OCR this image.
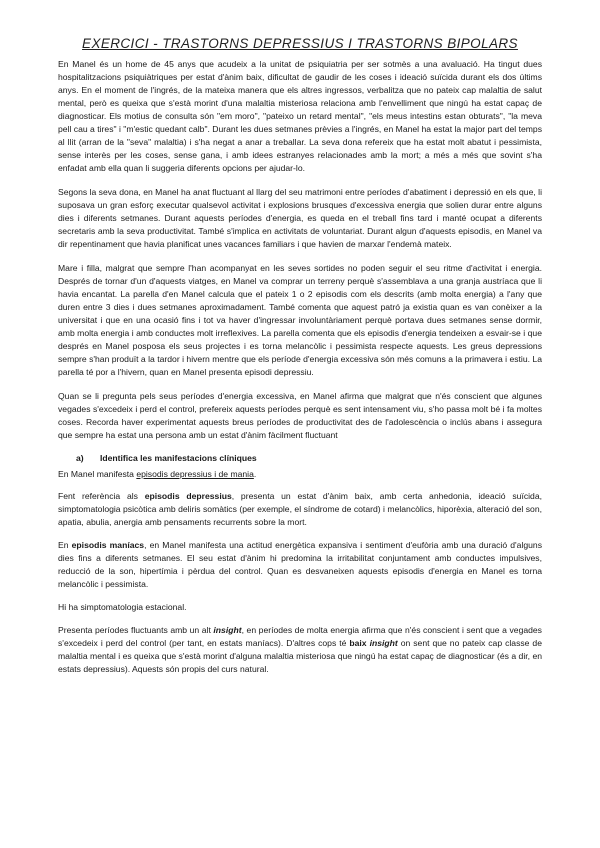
EXERCICI - TRASTORNS DEPRESSIUS I TRASTORNS BIPOLARS

En Manel és un home de 45 anys que acudeix a la unitat de psiquiatria per ser sotmès a una avaluació. Ha tingut dues hospitalitzacions psiquiàtriques per estat d'ànim baix, dificultat de gaudir de les coses i ideació suïcida durant els dos últims anys. En el moment de l'ingrés, de la mateixa manera que els altres ingressos, verbalitza que no pateix cap malaltia de salut mental, però es queixa que s'està morint d'una malaltia misteriosa relaciona amb l'envelliment que ningú ha estat capaç de diagnosticar. Els motius de consulta són "em moro", "pateixo un retard mental", "els meus intestins estan obturats", "la meva pell cau a tires" i "m'estic quedant calb". Durant les dues setmanes prèvies a l'ingrés, en Manel ha estat la major part del temps al llit (arran de la "seva" malaltia) i s'ha negat a anar a treballar. La seva dona refereix que ha estat molt abatut i pessimista, sense interès per les coses, sense gana, i amb idees estranyes relacionades amb la mort; a més a més que sovint s'ha enfadat amb ella quan li suggeria diferents opcions per ajudar-lo.

Segons la seva dona, en Manel ha anat fluctuant al llarg del seu matrimoni entre períodes d'abatiment i depressió en els que, li suposava un gran esforç executar qualsevol activitat i explosions brusques d'excessiva energia que solien durar entre alguns dies i diferents setmanes. Durant aquests períodes d'energia, es queda en el treball fins tard i manté ocupat a diferents secretaris amb la seva productivitat. També s'implica en activitats de voluntariat. Durant algun d'aquests episodis, en Manel va dir repentinament que havia planificat unes vacances familiars i que havien de marxar l'endemà mateix.

Mare i filla, malgrat que sempre l'han acompanyat en les seves sortides no poden seguir el seu ritme d'activitat i energia. Després de tornar d'un d'aquests viatges, en Manel va comprar un terreny perquè s'assemblava a una granja austríaca que li havia encantat. La parella d'en Manel calcula que el pateix 1 o 2 episodis com els descrits (amb molta energia) a l'any que duren entre 3 dies i dues setmanes aproximadament. També comenta que aquest patró ja existia quan es van conèixer a la universitat i que en una ocasió fins i tot va haver d'ingressar involuntàriament perquè portava dues setmanes sense dormir, amb molta energia i amb conductes molt irreflexives. La parella comenta que els episodis d'energia tendeixen a esvair-se i que després en Manel posposa els seus projectes i es torna melancòlic i pessimista respecte aquests. Les greus depressions sempre s'han produït a la tardor i hivern mentre que els període d'energia excessiva són més comuns a la primavera i estiu. La parella té por a l'hivern, quan en Manel presenta episodi depressiu.

Quan se li pregunta pels seus períodes d'energia excessiva, en Manel afirma que malgrat que n'és conscient que algunes vegades s'excedeix i perd el control, prefereix aquests períodes perquè es sent intensament viu, s'ho passa molt bé i fa moltes coses. Recorda haver experimentat aquests breus períodes de productivitat des de l'adolescència o inclús abans i assegura que sempre ha estat una persona amb un estat d'ànim fàcilment fluctuant

a) Identifica les manifestacions clíniques

En Manel manifesta episodis depressius i de mania.

Fent referència als episodis depressius, presenta un estat d'ànim baix, amb certa anhedonia, ideació suïcida, simptomatologia psicòtica amb deliris somàtics (per exemple, el síndrome de cotard) i melancòlics, hiporèxia, alteració del son, apatia, abulia, anergia amb pensaments recurrents sobre la mort.

En episodis maníacs, en Manel manifesta una actitud energètica expansiva i sentiment d'eufòria amb una duració d'alguns dies fins a diferents setmanes. El seu estat d'ànim hi predomina la irritabilitat conjuntament amb conductes impulsives, reducció de la son, hipertímia i pèrdua del control. Quan es desvaneixen aquests episodis d'energia en Manel es torna melancòlic i pessimista.

Hi ha simptomatologia estacional.

Presenta períodes fluctuants amb un alt insight, en períodes de molta energia afirma que n'és conscient i sent que a vegades s'excedeix i perd del control (per tant, en estats maníacs). D'altres cops té baix insight on sent que no pateix cap classe de malaltia mental i es queixa que s'està morint d'alguna malaltia misteriosa que ningú ha estat capaç de diagnosticar (és a dir, en estats depressius). Aquests són propis del curs natural.
